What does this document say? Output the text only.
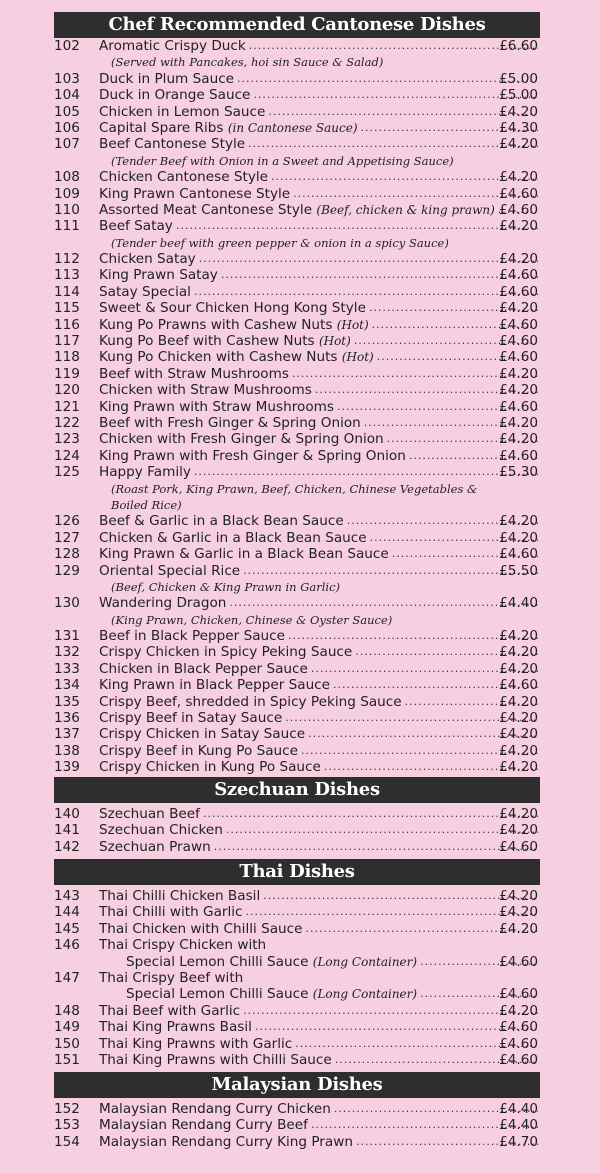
Chef Recommended Cantonese Dishes
102 Aromatic Crispy Duck .....	£6.60
(Served with Pancakes, hoi sin Sauce & Salad)
103 Duck in Plum Sauce .....	£5.00
104 Duck in Orange Sauce .....	£5.00
105 Chicken in Lemon Sauce .....	£4.20
106 Capital Spare Ribs (in Cantonese Sauce) .....	£4.30
107 Beef Cantonese Style .....	£4.20
(Tender Beef with Onion in a Sweet and Appetising Sauce)
108 Chicken Cantonese Style .....	£4.20
109 King Prawn Cantonese Style .....	£4.60
110 Assorted Meat Cantonese Style (Beef, chicken & king prawn) ..... £4.60
111 Beef Satay .....	£4.20
(Tender beef with green pepper & onion in a spicy Sauce)
112 Chicken Satay .....	£4.20
113 King Prawn Satay .....	£4.60
114 Satay Special .....	£4.60
115 Sweet & Sour Chicken Hong Kong Style .....	£4.20
116 Kung Po Prawns with Cashew Nuts (Hot) .....	£4.60
117 Kung Po Beef with Cashew Nuts (Hot) .....	£4.60
118 Kung Po Chicken with Cashew Nuts (Hot) .....	£4.60
119 Beef with Straw Mushrooms .....	£4.20
120 Chicken with Straw Mushrooms .....	£4.20
121 King Prawn with Straw Mushrooms .....	£4.60
122 Beef with Fresh Ginger & Spring Onion .....	£4.20
123 Chicken with Fresh Ginger & Spring Onion .....	£4.20
124 King Prawn with Fresh Ginger & Spring Onion .....	£4.60
125 Happy Family .....	£5.30
(Roast Pork, King Prawn, Beef, Chicken, Chinese Vegetables &
Boiled Rice)
126 Beef & Garlic in a Black Bean Sauce .....	£4.20
127 Chicken & Garlic in a Black Bean Sauce .....	£4.20
128 King Prawn & Garlic in a Black Bean Sauce .....	£4.60
129 Oriental Special Rice .....	£5.50
(Beef, Chicken & King Prawn in Garlic)
130 Wandering Dragon .....	£4.40
(King Prawn, Chicken, Chinese & Oyster Sauce)
131 Beef in Black Pepper Sauce .....	£4.20
132 Crispy Chicken in Spicy Peking Sauce .....	£4.20
133 Chicken in Black Pepper Sauce .....	£4.20
134 King Prawn in Black Pepper Sauce .....	£4.60
135 Crispy Beef, shredded in Spicy Peking Sauce .....	£4.20
136 Crispy Beef in Satay Sauce .....	£4.20
137 Crispy Chicken in Satay Sauce .....	£4.20
138 Crispy Beef in Kung Po Sauce .....	£4.20
139 Crispy Chicken in Kung Po Sauce .....	£4.20
Szechuan Dishes
140 Szechuan Beef .....	£4.20
141 Szechuan Chicken .....	£4.20
142 Szechuan Prawn .....	£4.60
Thai Dishes
143 Thai Chilli Chicken Basil .....	£4.20
144 Thai Chilli with Garlic .....	£4.20
145 Thai Chicken with Chilli Sauce .....	£4.20
146 Thai Crispy Chicken with
Special Lemon Chilli Sauce (Long Container) .....	£4.60
147 Thai Crispy Beef with
Special Lemon Chilli Sauce (Long Container) .....	£4.60
148 Thai Beef with Garlic .....	£4.20
149 Thai King Prawns Basil .....	£4.60
150 Thai King Prawns with Garlic .....	£4.60
151 Thai King Prawns with Chilli Sauce .....	£4.60
Malaysian Dishes
152 Malaysian Rendang Curry Chicken .....	£4.40
153 Malaysian Rendang Curry Beef .....	£4.40
154 Malaysian Rendang Curry King Prawn .....	£4.70
